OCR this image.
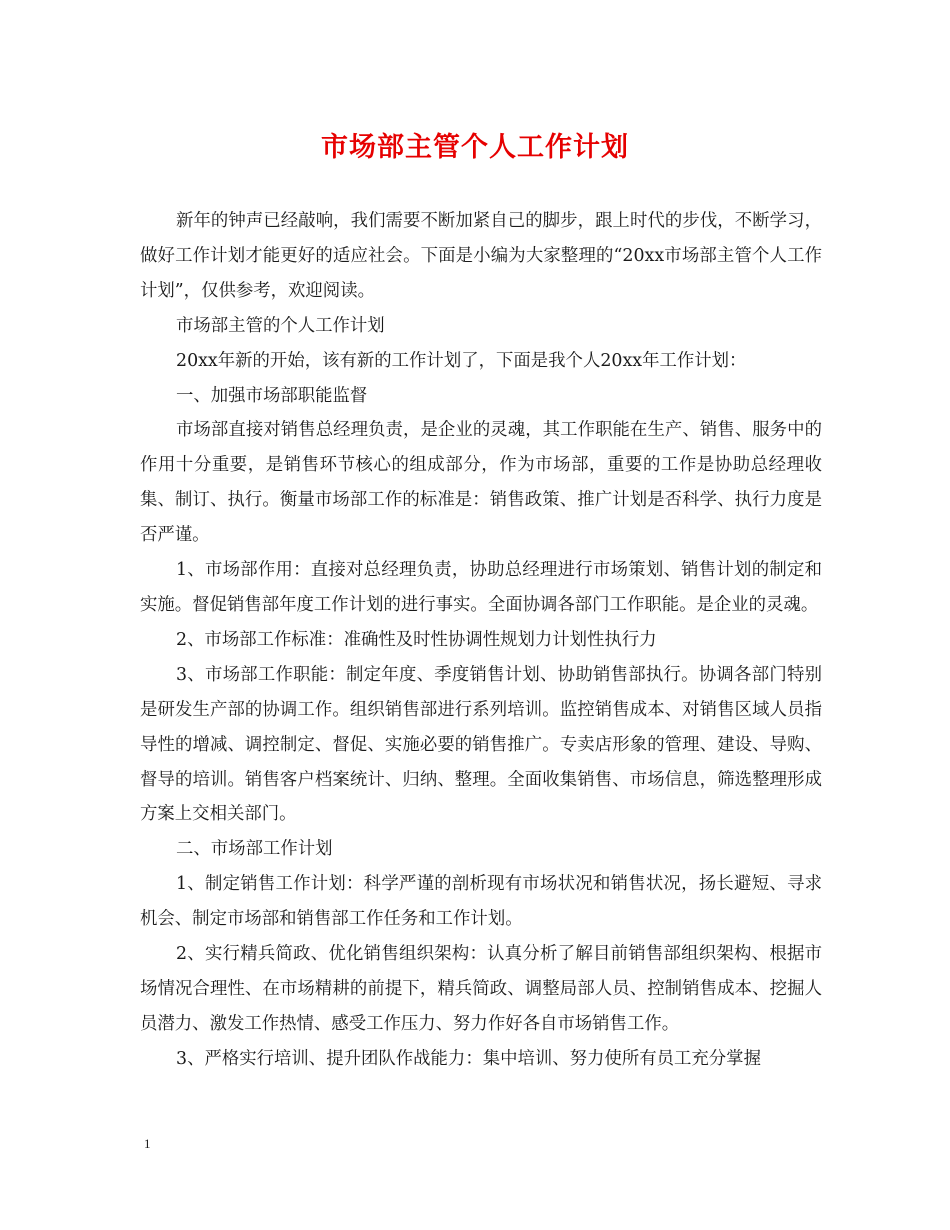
市场部主管个人工作计划

新年的钟声已经敲响，我们需要不断加紧自己的脚步，跟上时代的步伐，不断学习，做好工作计划才能更好的适应社会。下面是小编为大家整理的“20xx市场部主管个人工作计划”，仅供参考，欢迎阅读。

市场部主管的个人工作计划

20xx年新的开始，该有新的工作计划了，下面是我个人20xx年工作计划：

一、加强市场部职能监督

市场部直接对销售总经理负责，是企业的灵魂，其工作职能在生产、销售、服务中的作用十分重要，是销售环节核心的组成部分，作为市场部，重要的工作是协助总经理收集、制订、执行。衡量市场部工作的标准是：销售政策、推广计划是否科学、执行力度是否严谨。

1、市场部作用：直接对总经理负责，协助总经理进行市场策划、销售计划的制定和实施。督促销售部年度工作计划的进行事实。全面协调各部门工作职能。是企业的灵魂。

2、市场部工作标准：准确性及时性协调性规划力计划性执行力

3、市场部工作职能：制定年度、季度销售计划、协助销售部执行。协调各部门特别是研发生产部的协调工作。组织销售部进行系列培训。监控销售成本、对销售区域人员指导性的增减、调控制定、督促、实施必要的销售推广。专卖店形象的管理、建设、导购、督导的培训。销售客户档案统计、归纳、整理。全面收集销售、市场信息，筛选整理形成方案上交相关部门。

二、市场部工作计划

1、制定销售工作计划：科学严谨的剖析现有市场状况和销售状况，扬长避短、寻求机会、制定市场部和销售部工作任务和工作计划。

2、实行精兵简政、优化销售组织架构：认真分析了解目前销售部组织架构、根据市场情况合理性、在市场精耕的前提下，精兵简政、调整局部人员、控制销售成本、挖掘人员潜力、激发工作热情、感受工作压力、努力作好各自市场销售工作。

3、严格实行培训、提升团队作战能力：集中培训、努力使所有员工充分掌握

1
